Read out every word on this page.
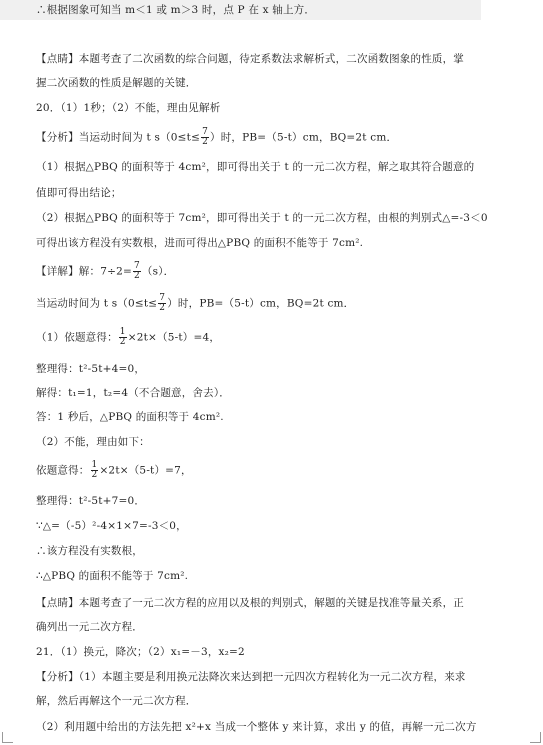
∴根据图象可知当 m＜1 或 m＞3 时，点 P 在 x 轴上方．
【点睛】本题考查了二次函数的综合问题，待定系数法求解析式，二次函数图象的性质，掌
握二次函数的性质是解题的关键．
20．（1）1秒；（2）不能，理由见解析
【分析】当运动时间为 t $s(0\le t\le \frac{7}{2}$ ）时，PB=（5-t）cm，BQ=2t cm．
（1）根据△PBQ 的面积等于 4cm²，即可得出关于 t 的一元二次方程，解之取其符合题意的
值即可得出结论；
（2）根据△PBQ 的面积等于 7cm²，即可得出关于 t 的一元二次方程，由根的判别式△=-3＜0
可得出该方程没有实数根，进而可得出△PBQ 的面积不能等于 7cm².
【详解】解：$7\div 2= \frac{7}{2} (s)$．
当运动时间为 t $s(0\le t\le \frac{7}{2}$ ）时，PB=（5-t）cm，BQ=2t cm．
（1）依题意得： $\frac{1}{2} \times 2t\times(5-t)=4$，
整理得：t²-5t+4=0，
解得：t₁=1，t₂=4（不合题意，舍去）．
答：1 秒后，△PBQ 的面积等于 4cm².
（2）不能，理由如下：
依题意得： $\frac{1}{2} \times 2t\times(5-t)=7$，
整理得：t²-5t+7=0．
∵△=（-5）²-4×1×7=-3＜0，
∴该方程没有实数根，
∴△PBQ 的面积不能等于 7cm².
【点睛】本题考查了一元二次方程的应用以及根的判别式，解题的关键是找准等量关系，正
确列出一元二次方程．
21．（1）换元，降次；（2）x₁=－3，x₂=2
【分析】（1）本题主要是利用换元法降次来达到把一元四次方程转化为一元二次方程，来求
解，然后再解这个一元二次方程．
（2）利用题中给出的方法先把 x²+x 当成一个整体 y 来计算，求出 y 的值，再解一元二次方
